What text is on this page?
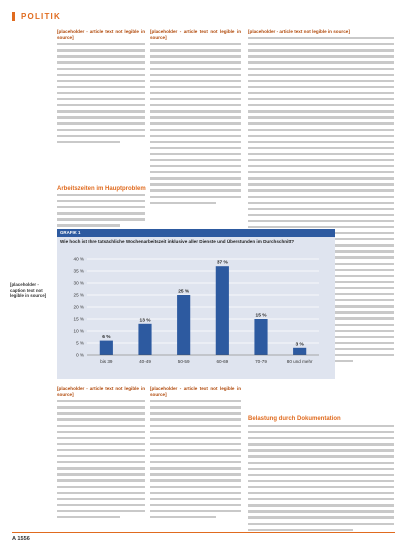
POLITIK

[placeholder - article text not legible in source]

Arbeitszeiten im Hauptproblem

[placeholder - article text not legible in source]

[placeholder - article text not legible in source]

Belastung durch Dokumentation
GRAFIK 1
Wie hoch ist Ihre tatsächliche Wochenarbeitszeit inklusive aller Dienste und Überstunden im Durchschnitt?
0 %
5 %
10 %
15 %
20 %
25 %
30 %
35 %
40 %
6 %
bis 39
13 %
40-49
25 %
50-59
37 %
60-69
15 %
70-79
3 %
80 und mehr
[placeholder - caption text not legible in source]

[placeholder - article text not legible in source]

[placeholder - article text not legible in source]

A 1556
